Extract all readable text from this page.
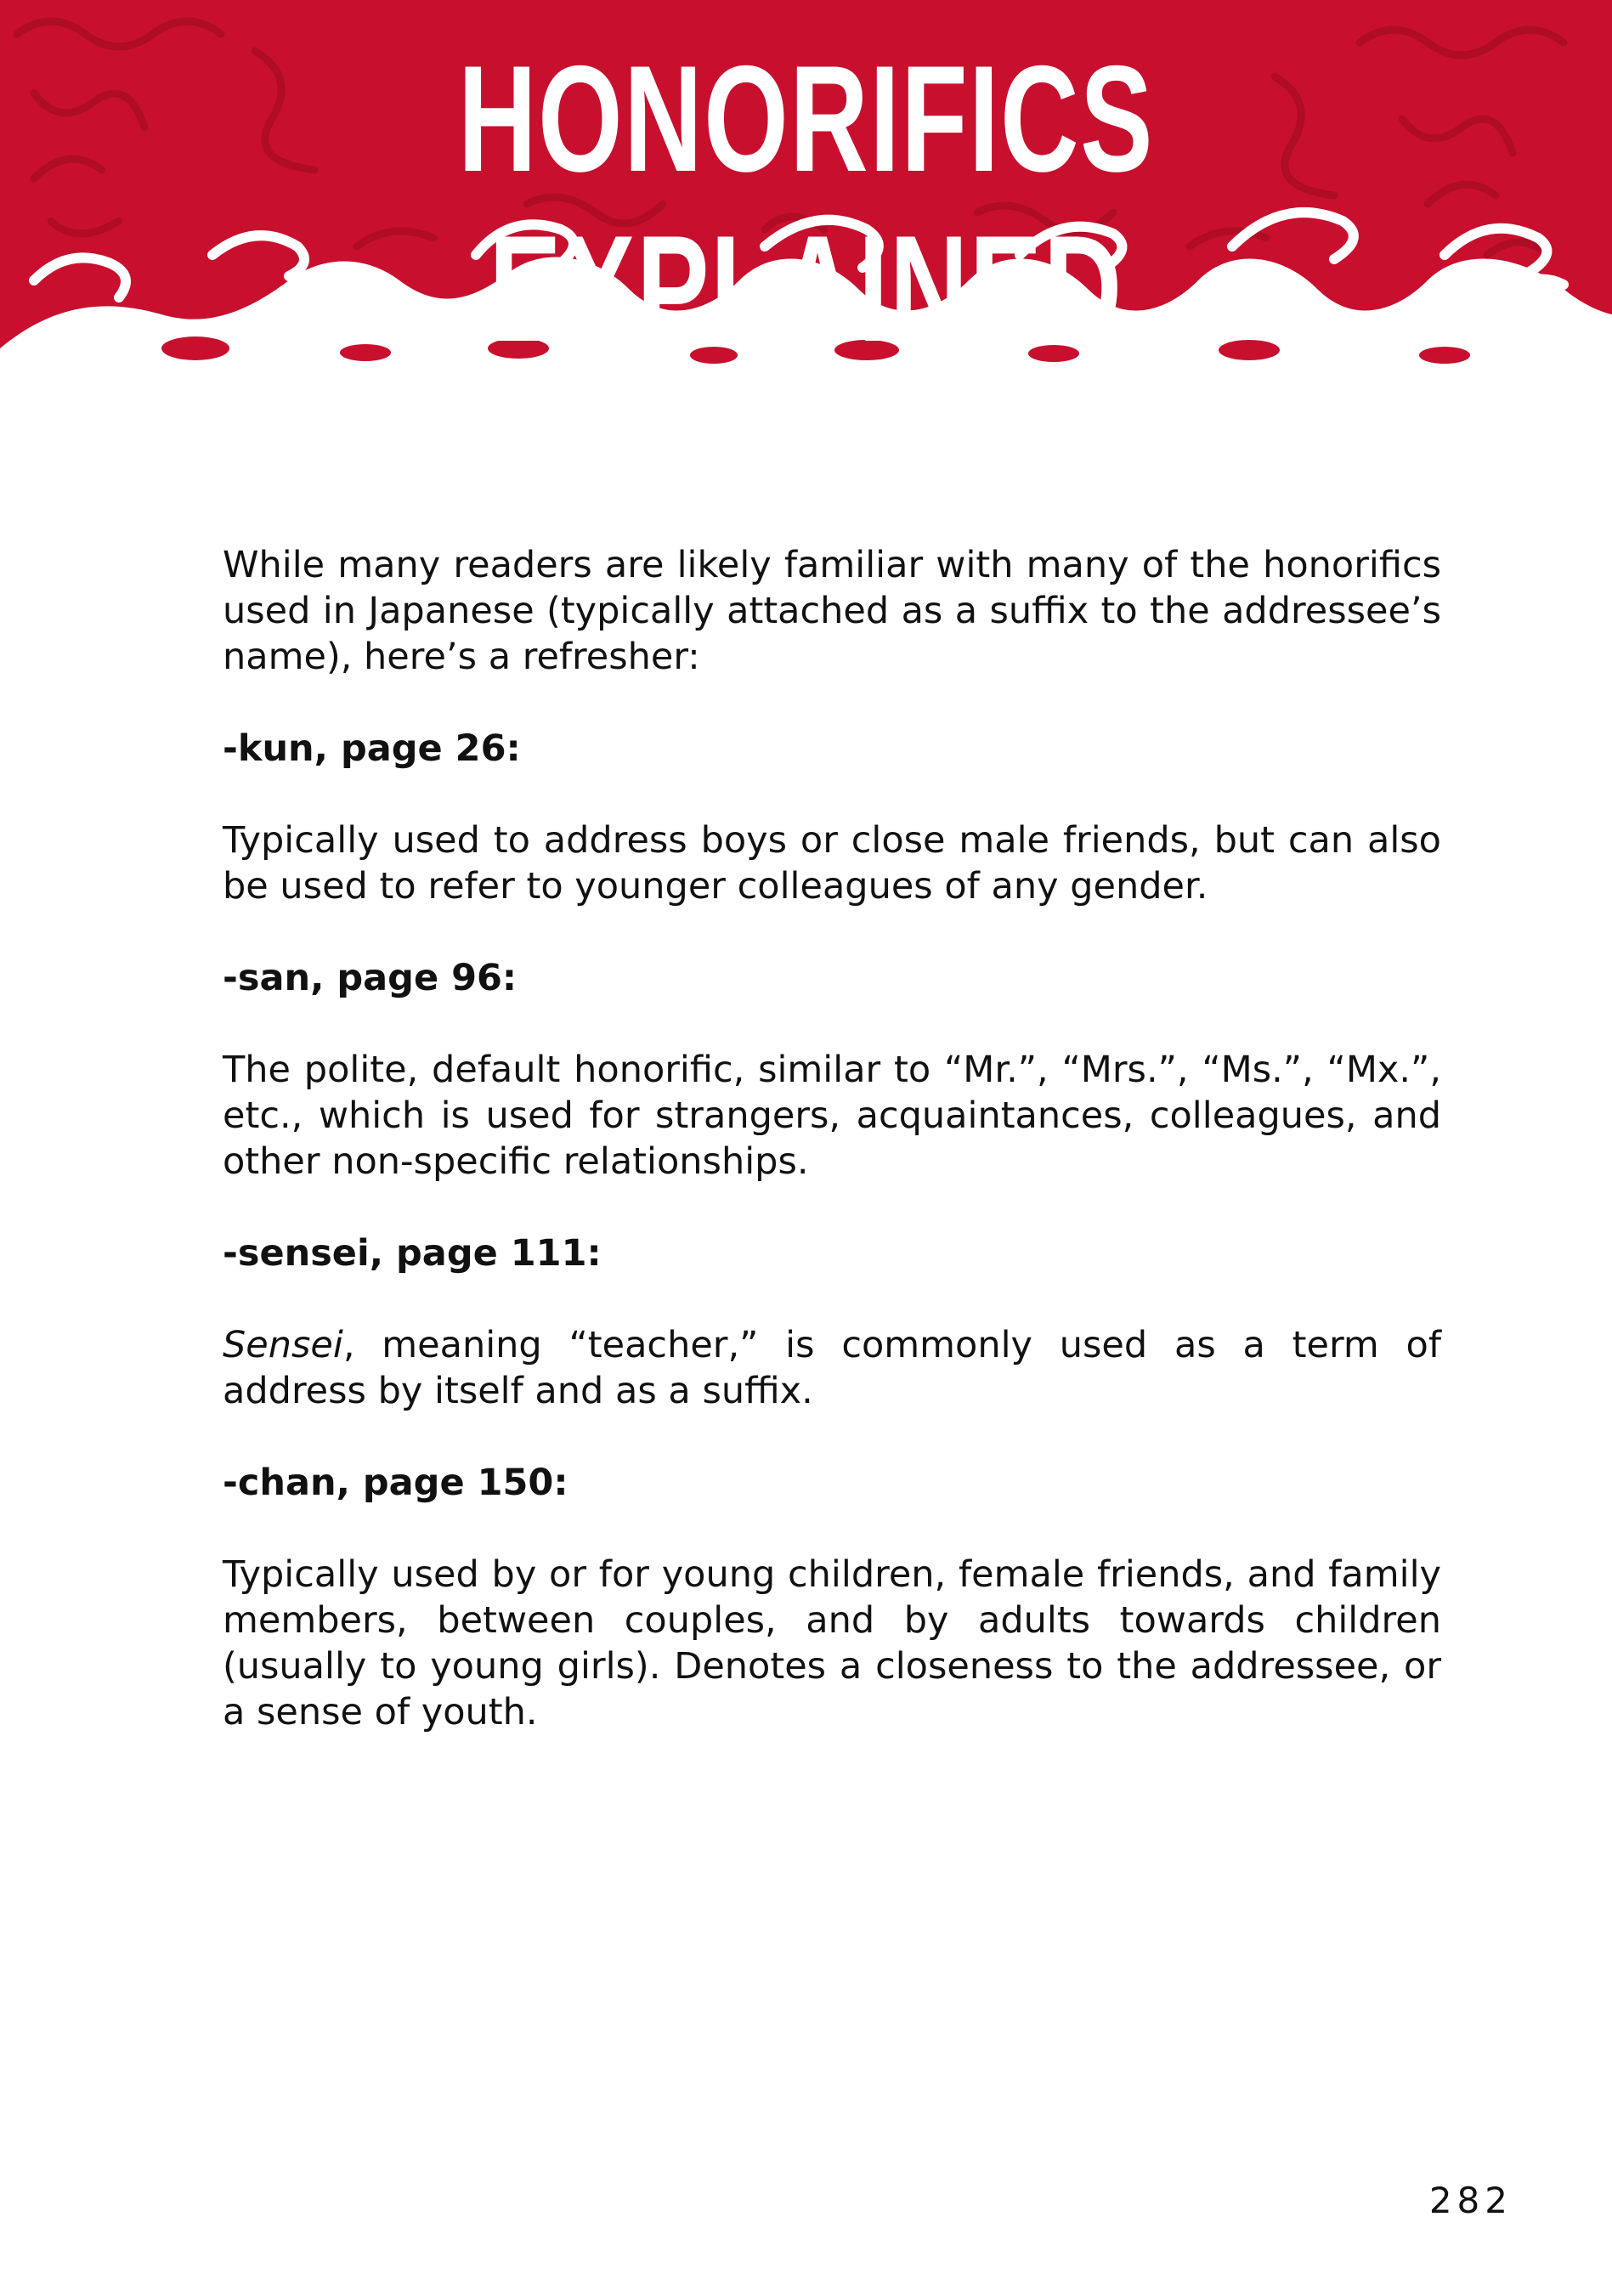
HONORIFICS EXPLAINED

While many readers are likely familiar with many of the honorifics used in Japanese (typically attached as a suffix to the addressee’s name), here’s a refresher:

-kun, page 26:

Typically used to address boys or close male friends, but can also be used to refer to younger colleagues of any gender.

-san, page 96:

The polite, default honorific, similar to “Mr.”, “Mrs.”, “Ms.”, “Mx.”, etc., which is used for strangers, acquaintances, colleagues, and other non-specific relationships.

-sensei, page 111:

Sensei, meaning “teacher,” is commonly used as a term of address by itself and as a suffix.

-chan, page 150:

Typically used by or for young children, female friends, and family members, between couples, and by adults towards children (usually to young girls). Denotes a closeness to the addressee, or a sense of youth.

282
